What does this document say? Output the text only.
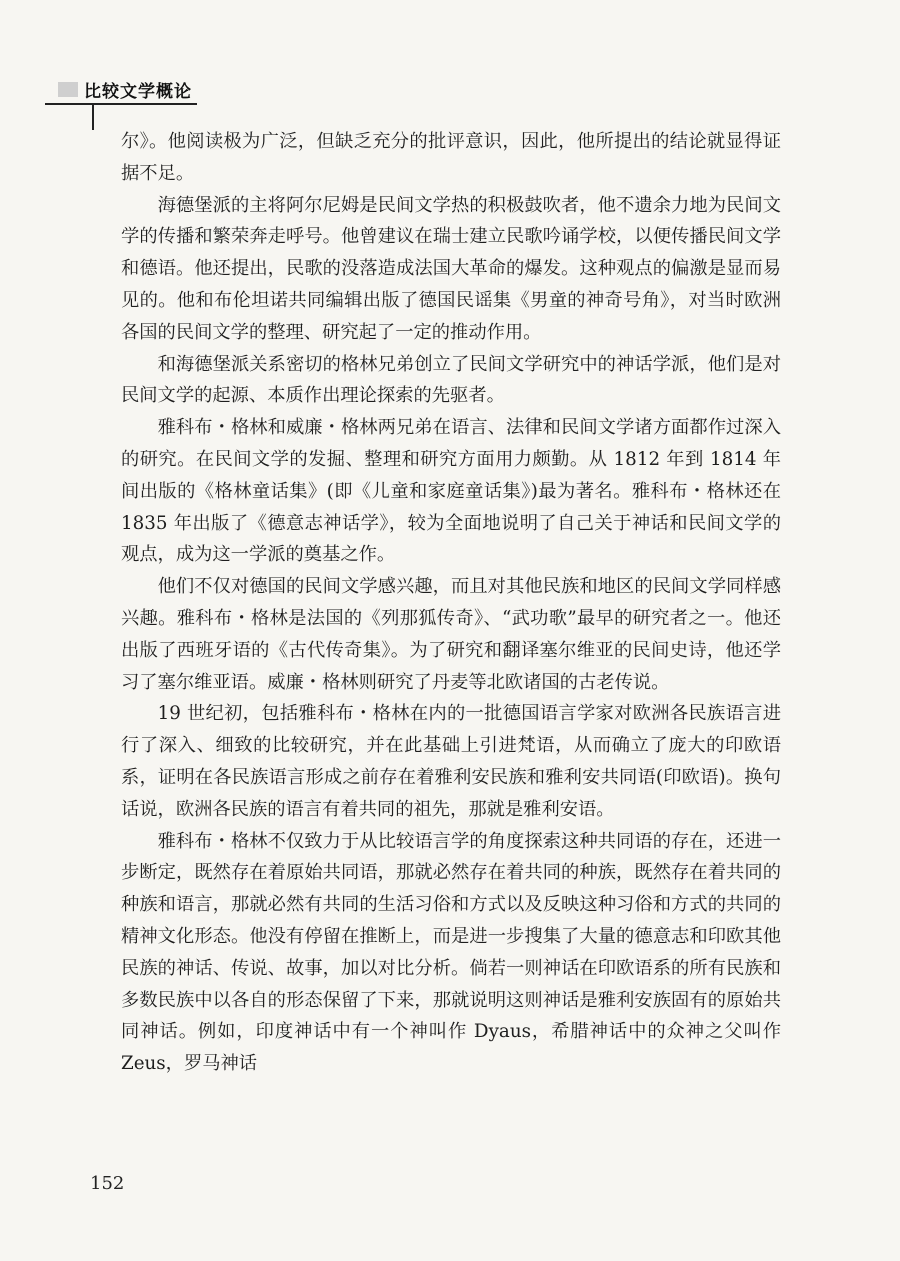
比较文学概论

尔》。他阅读极为广泛，但缺乏充分的批评意识，因此，他所提出的结论就显得证据不足。

海德堡派的主将阿尔尼姆是民间文学热的积极鼓吹者，他不遗余力地为民间文学的传播和繁荣奔走呼号。他曾建议在瑞士建立民歌吟诵学校，以便传播民间文学和德语。他还提出，民歌的没落造成法国大革命的爆发。这种观点的偏激是显而易见的。他和布伦坦诺共同编辑出版了德国民谣集《男童的神奇号角》，对当时欧洲各国的民间文学的整理、研究起了一定的推动作用。

和海德堡派关系密切的格林兄弟创立了民间文学研究中的神话学派，他们是对民间文学的起源、本质作出理论探索的先驱者。

雅科布・格林和威廉・格林两兄弟在语言、法律和民间文学诸方面都作过深入的研究。在民间文学的发掘、整理和研究方面用力颇勤。从 1812 年到 1814 年间出版的《格林童话集》(即《儿童和家庭童话集》)最为著名。雅科布・格林还在 1835 年出版了《德意志神话学》，较为全面地说明了自己关于神话和民间文学的观点，成为这一学派的奠基之作。

他们不仅对德国的民间文学感兴趣，而且对其他民族和地区的民间文学同样感兴趣。雅科布・格林是法国的《列那狐传奇》、“武功歌”最早的研究者之一。他还出版了西班牙语的《古代传奇集》。为了研究和翻译塞尔维亚的民间史诗，他还学习了塞尔维亚语。威廉・格林则研究了丹麦等北欧诸国的古老传说。

19 世纪初，包括雅科布・格林在内的一批德国语言学家对欧洲各民族语言进行了深入、细致的比较研究，并在此基础上引进梵语，从而确立了庞大的印欧语系，证明在各民族语言形成之前存在着雅利安民族和雅利安共同语(印欧语)。换句话说，欧洲各民族的语言有着共同的祖先，那就是雅利安语。

雅科布・格林不仅致力于从比较语言学的角度探索这种共同语的存在，还进一步断定，既然存在着原始共同语，那就必然存在着共同的种族，既然存在着共同的种族和语言，那就必然有共同的生活习俗和方式以及反映这种习俗和方式的共同的精神文化形态。他没有停留在推断上，而是进一步搜集了大量的德意志和印欧其他民族的神话、传说、故事，加以对比分析。倘若一则神话在印欧语系的所有民族和多数民族中以各自的形态保留了下来，那就说明这则神话是雅利安族固有的原始共同神话。例如，印度神话中有一个神叫作 Dyaus，希腊神话中的众神之父叫作 Zeus，罗马神话

152
